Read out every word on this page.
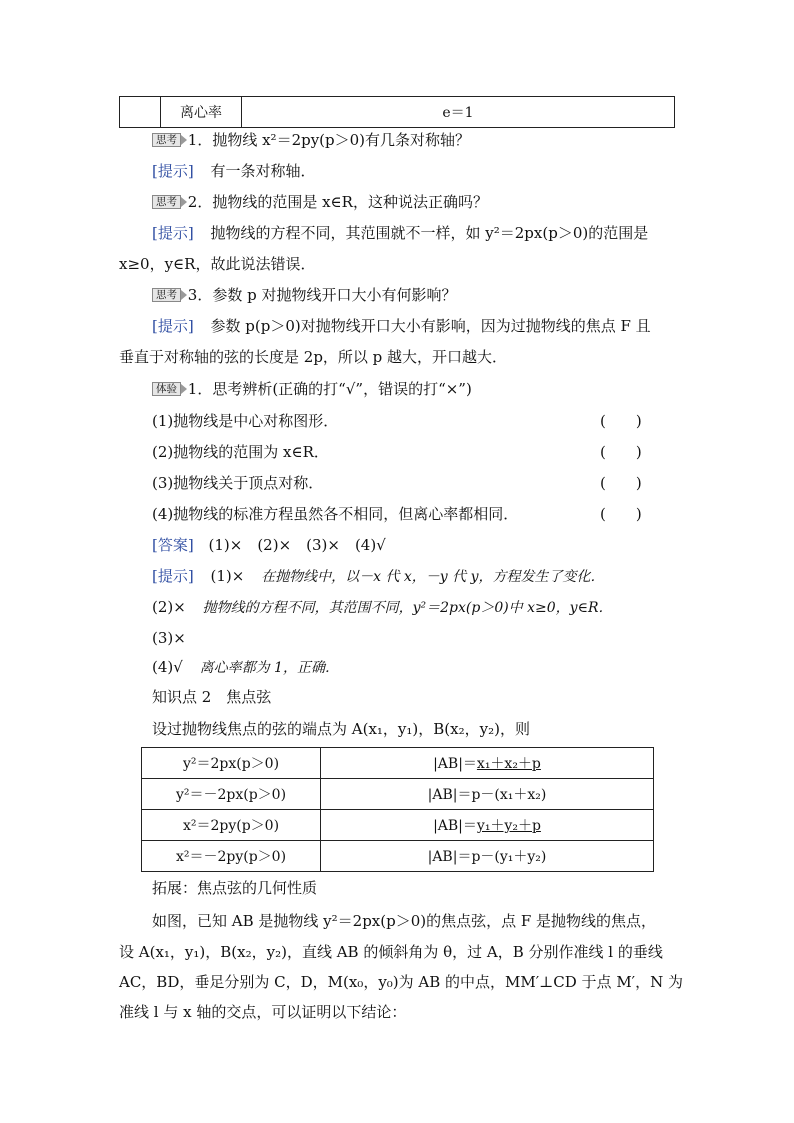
	离心率	e＝1
思考 1．抛物线 x²＝2py(p＞0)有几条对称轴？
[提示] 有一条对称轴．
思考 2．抛物线的范围是 x∈R，这种说法正确吗？
[提示] 抛物线的方程不同，其范围就不一样，如 y²＝2px(p＞0)的范围是
x≥0，y∈R，故此说法错误．
思考 3．参数 p 对抛物线开口大小有何影响？
[提示] 参数 p(p＞0)对抛物线开口大小有影响，因为过抛物线的焦点 F 且
垂直于对称轴的弦的长度是 2p，所以 p 越大，开口越大．
体验 1．思考辨析(正确的打“√”，错误的打“×”)
(1)抛物线是中心对称图形．	(　　)
(2)抛物线的范围为 x∈R．	(　　)
(3)抛物线关于顶点对称．	(　　)
(4)抛物线的标准方程虽然各不相同，但离心率都相同．	(　　)
[答案] (1)×　(2)×　(3)×　(4)√
[提示] (1)× 在抛物线中，以－x 代 x，－y 代 y，方程发生了变化．
(2)× 抛物线的方程不同，其范围不同，y²＝2px(p＞0)中 x≥0，y∈R．
(3)×
(4)√ 离心率都为 1，正确．
知识点 2　焦点弦
设过抛物线焦点的弦的端点为 A(x₁，y₁)，B(x₂，y₂)，则
y²＝2px(p＞0)	|AB|＝x₁＋x₂＋p
y²＝－2px(p＞0)	|AB|＝p－(x₁＋x₂)
x²＝2py(p＞0)	|AB|＝y₁＋y₂＋p
x²＝－2py(p＞0)	|AB|＝p－(y₁＋y₂)
拓展：焦点弦的几何性质
如图，已知 AB 是抛物线 y²＝2px(p＞0)的焦点弦，点 F 是抛物线的焦点，
设 A(x₁，y₁)，B(x₂，y₂)，直线 AB 的倾斜角为 θ，过 A，B 分别作准线 l 的垂线
AC，BD，垂足分别为 C，D，M(x₀，y₀)为 AB 的中点，MM′⊥CD 于点 M′，N 为
准线 l 与 x 轴的交点，可以证明以下结论：
